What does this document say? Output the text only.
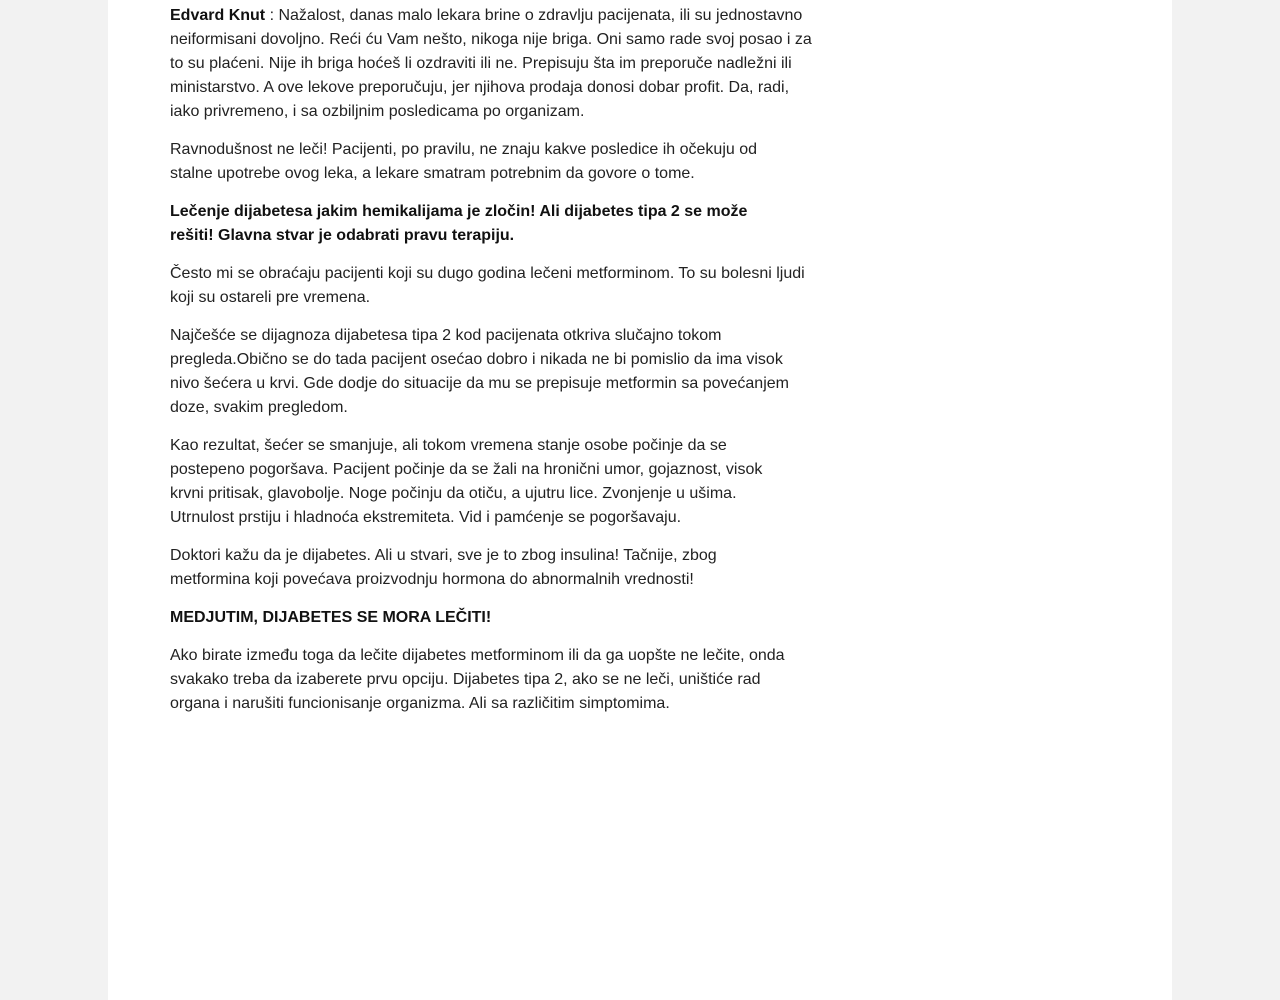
Edvard Knut : Nažalost, danas malo lekara brine o zdravlju pacijenata, ili su jednostavno neiformisani dovoljno. Reći ću Vam nešto, nikoga nije briga. Oni samo rade svoj posao i za to su plaćeni. Nije ih briga hoćeš li ozdraviti ili ne. Prepisuju šta im preporuče nadležni ili ministarstvo. A ove lekove preporučuju, jer njihova prodaja donosi dobar profit. Da, radi, iako privremeno, i sa ozbiljnim posledicama po organizam.

Ravnodušnost ne leči! Pacijenti, po pravilu, ne znaju kakve posledice ih očekuju od stalne upotrebe ovog leka, a lekare smatram potrebnim da govore o tome.

Lečenje dijabetesa jakim hemikalijama je zločin! Ali dijabetes tipa 2 se može rešiti! Glavna stvar je odabrati pravu terapiju.

Često mi se obraćaju pacijenti koji su dugo godina lečeni metforminom. To su bolesni ljudi koji su ostareli pre vremena.

Najčešće se dijagnoza dijabetesa tipa 2 kod pacijenata otkriva slučajno tokom pregleda.Obično se do tada pacijent osećao dobro i nikada ne bi pomislio da ima visok nivo šećera u krvi. Gde dodje do situacije da mu se prepisuje metformin sa povećanjem doze, svakim pregledom.

Kao rezultat, šećer se smanjuje, ali tokom vremena stanje osobe počinje da se postepeno pogoršava. Pacijent počinje da se žali na hronični umor, gojaznost, visok krvni pritisak, glavobolje. Noge počinju da otiču, a ujutru lice. Zvonjenje u ušima. Utrnulost prstiju i hladnoća ekstremiteta. Vid i pamćenje se pogoršavaju.

Doktori kažu da je dijabetes. Ali u stvari, sve je to zbog insulina! Tačnije, zbog metformina koji povećava proizvodnju hormona do abnormalnih vrednosti!

MEDJUTIM, DIJABETES SE MORA LEČITI!

Ako birate između toga da lečite dijabetes metforminom ili da ga uopšte ne lečite, onda svakako treba da izaberete prvu opciju. Dijabetes tipa 2, ako se ne leči, uništiće rad organa i narušiti funcionisanje organizma. Ali sa različitim simptomima.
